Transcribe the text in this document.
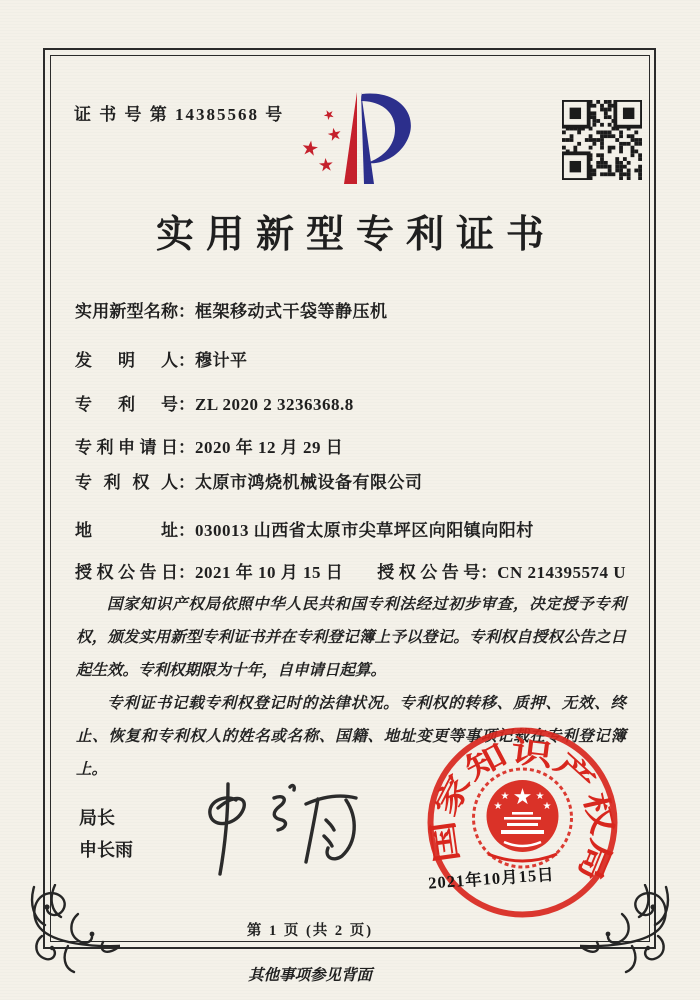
证 书 号 第 14385568 号	★
★
★
★
实用新型专利证书
实用新型名称：框架移动式干袋等静压机
发明人：穆计平
专利号：ZL 2020 2 3236368.8
专利申请日：2020 年 12 月 29 日
专利权人：太原市鸿烧机械设备有限公司
地址：030013 山西省太原市尖草坪区向阳镇向阳村
授权公告日：2021 年 10 月 15 日 授权公告号：CN 214395574 U

国家知识产权局依照中华人民共和国专利法经过初步审查，决定授予专利权，颁发实用新型专利证书并在专利登记簿上予以登记。专利权自授权公告之日起生效。专利权期限为十年，自申请日起算。

专利证书记载专利权登记时的法律状况。专利权的转移、质押、无效、终止、恢复和专利权人的姓名或名称、国籍、地址变更等事项记载在专利登记簿上。

局长
申长雨	国家知识产权局
★
★
★
★
★
2021年10月15日
第 1 页 (共 2 页)
其他事项参见背面
